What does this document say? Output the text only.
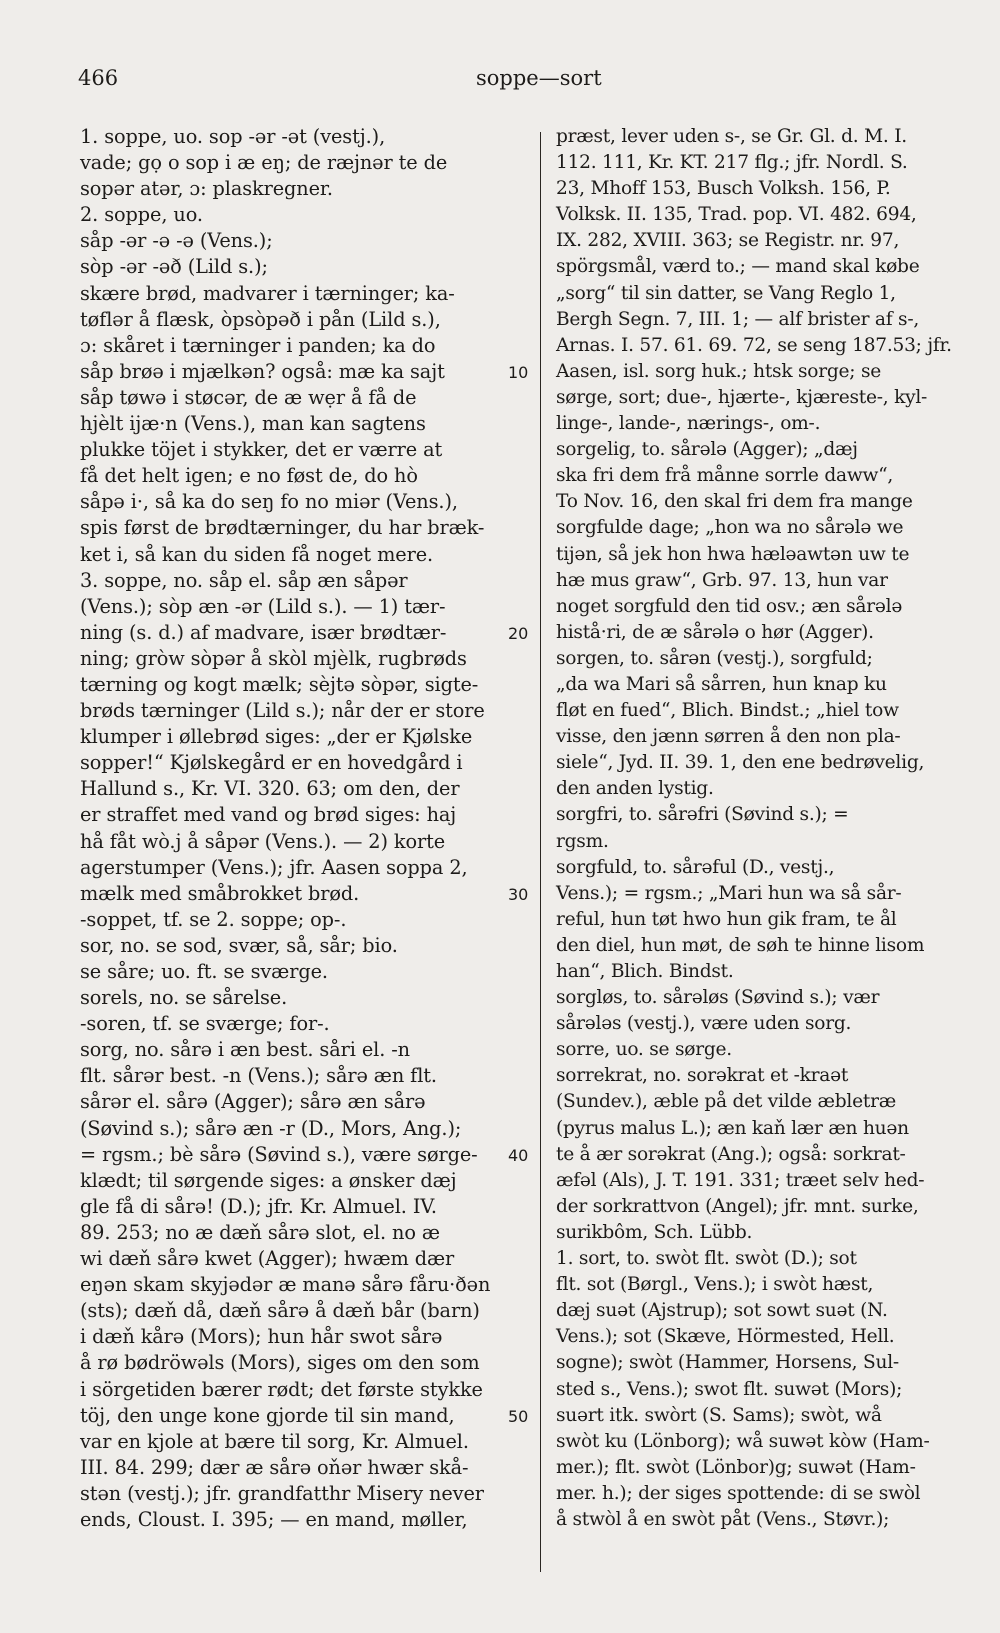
466	soppe—sort
1. soppe, uo. sop -ər -ət (vestj.),
vade; gọ o sop i æ eŋ; de ræjnər te de
sopər atər, ɔ: plaskregner.
2. soppe, uo.
såp -ər -ə -ə (Vens.);
sòp -ər -əð (Lild s.);
skære brød, madvarer i tærninger; ka-
tøflər å flæsk, òpsòpəð i pån (Lild s.),
ɔ: skåret i tærninger i panden; ka do
såp brøə i mjælkən? også: mæ ka sajt
såp tøwə i støcər, de æ wẹr å få de
hjèlt ijæ·n (Vens.), man kan sagtens
plukke töjet i stykker, det er værre at
få det helt igen; e no føst de, do hò
såpə i·, så ka do seŋ fo no miər (Vens.),
spis først de brødtærninger, du har bræk-
ket i, så kan du siden få noget mere.
3. soppe, no. såp el. såp æn såpər
(Vens.); sòp æn -ər (Lild s.). — 1) tær-
ning (s. d.) af madvare, især brødtær-
ning; gròw sòpər å skòl mjèlk, rugbrøds
tærning og kogt mælk; sèjtə sòpər, sigte-
brøds tærninger (Lild s.); når der er store
klumper i øllebrød siges: „der er Kjølske
sopper!“ Kjølskegård er en hovedgård i
Hallund s., Kr. VI. 320. 63; om den, der
er straffet med vand og brød siges: haj
hå fåt wò.j å såpər (Vens.). — 2) korte
agerstumper (Vens.); jfr. Aasen soppa 2,
mælk med småbrokket brød.
-soppet, tf. se 2. soppe; op-.
sor, no. se sod, svær, så, sår; bio.
se såre; uo. ft. se sværge.
sorels, no. se sårelse.
-soren, tf. se sværge; for-.
sorg, no. sårə i æn best. såri el. -n
flt. sårər best. -n (Vens.); sårə æn flt.
sårər el. sårə (Agger); sårə æn sårə
(Søvind s.); sårə æn -r (D., Mors, Ang.);
= rgsm.; bè sårə (Søvind s.), være sørge-
klædt; til sørgende siges: a ønsker dæj
gle få di sårə! (D.); jfr. Kr. Almuel. IV.
89. 253; no æ dæň sårə slot, el. no æ
wi dæň sårə kwet (Agger); hwæm dær
eŋən skam skyjədər æ manə sårə fåru·ðən
(sts); dæň då, dæň sårə å dæň bår (barn)
i dæň kårə (Mors); hun hår swot sårə
å rø bødröwəls (Mors), siges om den som
i sörgetiden bærer rødt; det første stykke
töj, den unge kone gjorde til sin mand,
var en kjole at bære til sorg, Kr. Almuel.
III. 84. 299; dær æ sårə oňər hwær skå-
stən (vestj.); jfr. grandfatthr Misery never
ends, Cloust. I. 395; — en mand, møller,
præst, lever uden s-, se Gr. Gl. d. M. I.
112. 111, Kr. KT. 217 flg.; jfr. Nordl. S.
23, Mhoff 153, Busch Volksh. 156, P.
Volksk. II. 135, Trad. pop. VI. 482. 694,
IX. 282, XVIII. 363; se Registr. nr. 97,
spörgsmål, værd to.; — mand skal købe
„sorg“ til sin datter, se Vang Reglo 1,
Bergh Segn. 7, III. 1; — alf brister af s-,
Arnas. I. 57. 61. 69. 72, se seng 187.53; jfr.
Aasen, isl. sorg huk.; htsk sorge; se
sørge, sort; due-, hjærte-, kjæreste-, kyl-
linge-, lande-, nærings-, om-.
sorgelig, to. sårələ (Agger); „dæj
ska fri dem frå månne sorrle daww“,
To Nov. 16, den skal fri dem fra mange
sorgfulde dage; „hon wa no sårələ we
tijən, så jek hon hwa hæləawtən uw te
hæ mus graw“, Grb. 97. 13, hun var
noget sorgfuld den tid osv.; æn sårələ
histå·ri, de æ sårələ o hør (Agger).
sorgen, to. sårən (vestj.), sorgfuld;
„da wa Mari så sårren, hun knap ku
fløt en fued“, Blich. Bindst.; „hiel tow
visse, den jænn sørren å den non pla-
siele“, Jyd. II. 39. 1, den ene bedrøvelig,
den anden lystig.
sorgfri, to. sårəfri (Søvind s.); =
rgsm.
sorgfuld, to. sårəful (D., vestj.,
Vens.); = rgsm.; „Mari hun wa så sår-
reful, hun tøt hwo hun gik fram, te ål
den diel, hun møt, de søh te hinne lisom
han“, Blich. Bindst.
sorgløs, to. sårəløs (Søvind s.); vær
sårələs (vestj.), være uden sorg.
sorre, uo. se sørge.
sorrekrat, no. sorəkrat et -kraət
(Sundev.), æble på det vilde æbletræ
(pyrus malus L.); æn kaň lær æn huən
te å ær sorəkrat (Ang.); også: sorkrat-
æfəl (Als), J. T. 191. 331; træet selv hed-
der sorkrattvon (Angel); jfr. mnt. surke,
surikbôm, Sch. Lübb.
1. sort, to. swòt flt. swòt (D.); sot
flt. sot (Børgl., Vens.); i swòt hæst,
dæj suət (Ajstrup); sot sowt suət (N.
Vens.); sot (Skæve, Hörmested, Hell.
sogne); swòt (Hammer, Horsens, Sul-
sted s., Vens.); swot flt. suwət (Mors);
suərt itk. swòrt (S. Sams); swòt, wå
swòt ku (Lönborg); wå suwət kòw (Ham-
mer.); flt. swòt (Lönbor)g; suwət (Ham-
mer. h.); der siges spottende: di se swòl
å stwòl å en swòt påt (Vens., Støvr.);
10
20
30
40
50
